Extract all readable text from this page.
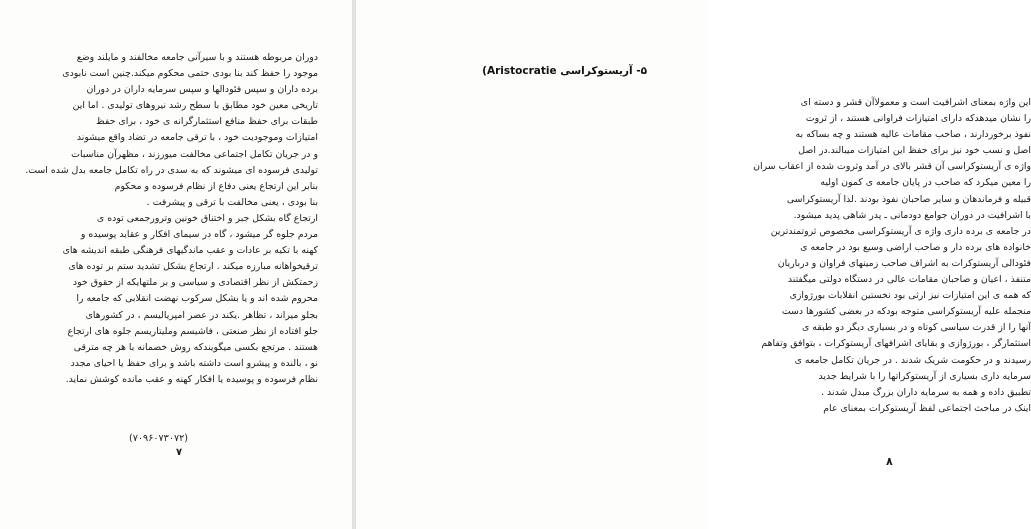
دوران مربوطه هستند و با سیرآنی جامعه مخالفند و مایلند وضع
موجود را حفظ کند بنا بودی حتمی محکوم میکند.چنین است نابودی
برده داران و سپس فئودالها و سپس سرمایه داران در دوران
تاریخی معین خود مطابق با سطح رشد نیروهای تولیدی . اما این
طبقات برای حفظ منافع استثمارگرانه ی خود ، برای حفظ
امتیازات وموجودیت خود ، با ترقی جامعه در تضاد واقع میشوند
و در جریان تکامل اجتماعی مخالفت میورزند ، مظهرآن مناسبات
تولیدی فرسوده ای میشوند که به سدی در راه تکامل جامعه بدل شده است.
بنابر این ارتجاع یعنی دفاع از نظام فرسوده و محکوم
بنا بودی ، یعنی مخالفت با ترقی و پیشرفت .
ارتجاع گاه بشکل جبر و اختناق خونین وترورجمعی توده ی
مردم جلوه گر میشود ، گاه در سیمای افکار و عقاید پوسیده و
کهنه با تکیه بر عادات و عقب ماندگیهای فرهنگی طبقه اندیشه های
ترقیخواهانه مبارزه میکند . ارتجاع بشکل تشدید ستم بر توده های
زحمتکش از نظر اقتصادی و سیاسی و بر ملتهایکه از حقوق خود
محروم شده اند و یا بشکل سرکوب نهضت انقلابی که جامعه را
بجلو میراند ، تظاهر .یکند در عصر امپریالیسم ، در کشورهای
جلو افتاده از نظر صنعتی ، فاشیسم وملیتاریسم جلوه های ارتجاع
هستند . مرتجع بکسی میگویندکه روش خصمانه با هر چه مترقی
نو ، بالنده و پیشرو است داشته باشد و برای حفظ یا احیای مجدد
نظام فرسوده و پوسیده یا افکار کهنه و عقب مانده کوشش نماید.
(۷۰۹۶۰۷۳۰۷۲)
۷
۵- آریستوکراسی (Aristocratie
این واژه بمعنای اشرافیت است و معمولاآن قشر و دسته ای
را نشان میدهدکه دارای امتیازات فراوانی هستند ، از ثروت
نفوذ برخوردارند ، صاحب مقامات عالیه هستند و چه بساکه به
اصل و نسب خود نیز برای حفظ این امتیازات میبالند.در اصل
واژه ی آریستوکراسی آن قشر بالای در آمد وثروت شده از اعقاب سران
را معین میکرد که صاحب در پایان جامعه ی کمون اولیه
قبیله و فرماندهان و سایر صاحبان نفوذ بودند .لذا آریستوکراسی
با اشرافیت در دوران جوامع دودمانی ـ پدر شاهی پدید میشود.
در جامعه ی برده داری واژه ی آریستوکراسی مخصوص ثروتمندترین
خانواده های برده دار و صاحب اراضی وسیع بود در جامعه ی
فئودالی آریستوکرات به اشراف صاحب زمینهای فراوان و درباریان
متنفذ ، اعیان و صاحبان مقامات عالی در دستگاه دولتی میگفتند
که همه ی این امتیازات نیز ارثی بود نخستین انقلابات بورژوازی
منجمله علیه آریستوکراسی متوجه بودکه در بعضی کشورها دست
آنها را از قدرت سیاسی کوتاه و در بسیاری دیگر دو طبقه ی
استثمارگر ، بورژوازی و بقایای اشرافهای آریستوکرات ، بتوافق وتفاهم
رسیدند و در حکومت شریک شدند . در جریان تکامل جامعه ی
سرمایه داری بسیاری از آریستوکراتها را با شرایط جدید
تطبیق داده و همه به سرمایه داران بزرگ مبدل شدند .
اینک در مباحث اجتماعی لفظ آریستوکرات بمعنای عام
۸
